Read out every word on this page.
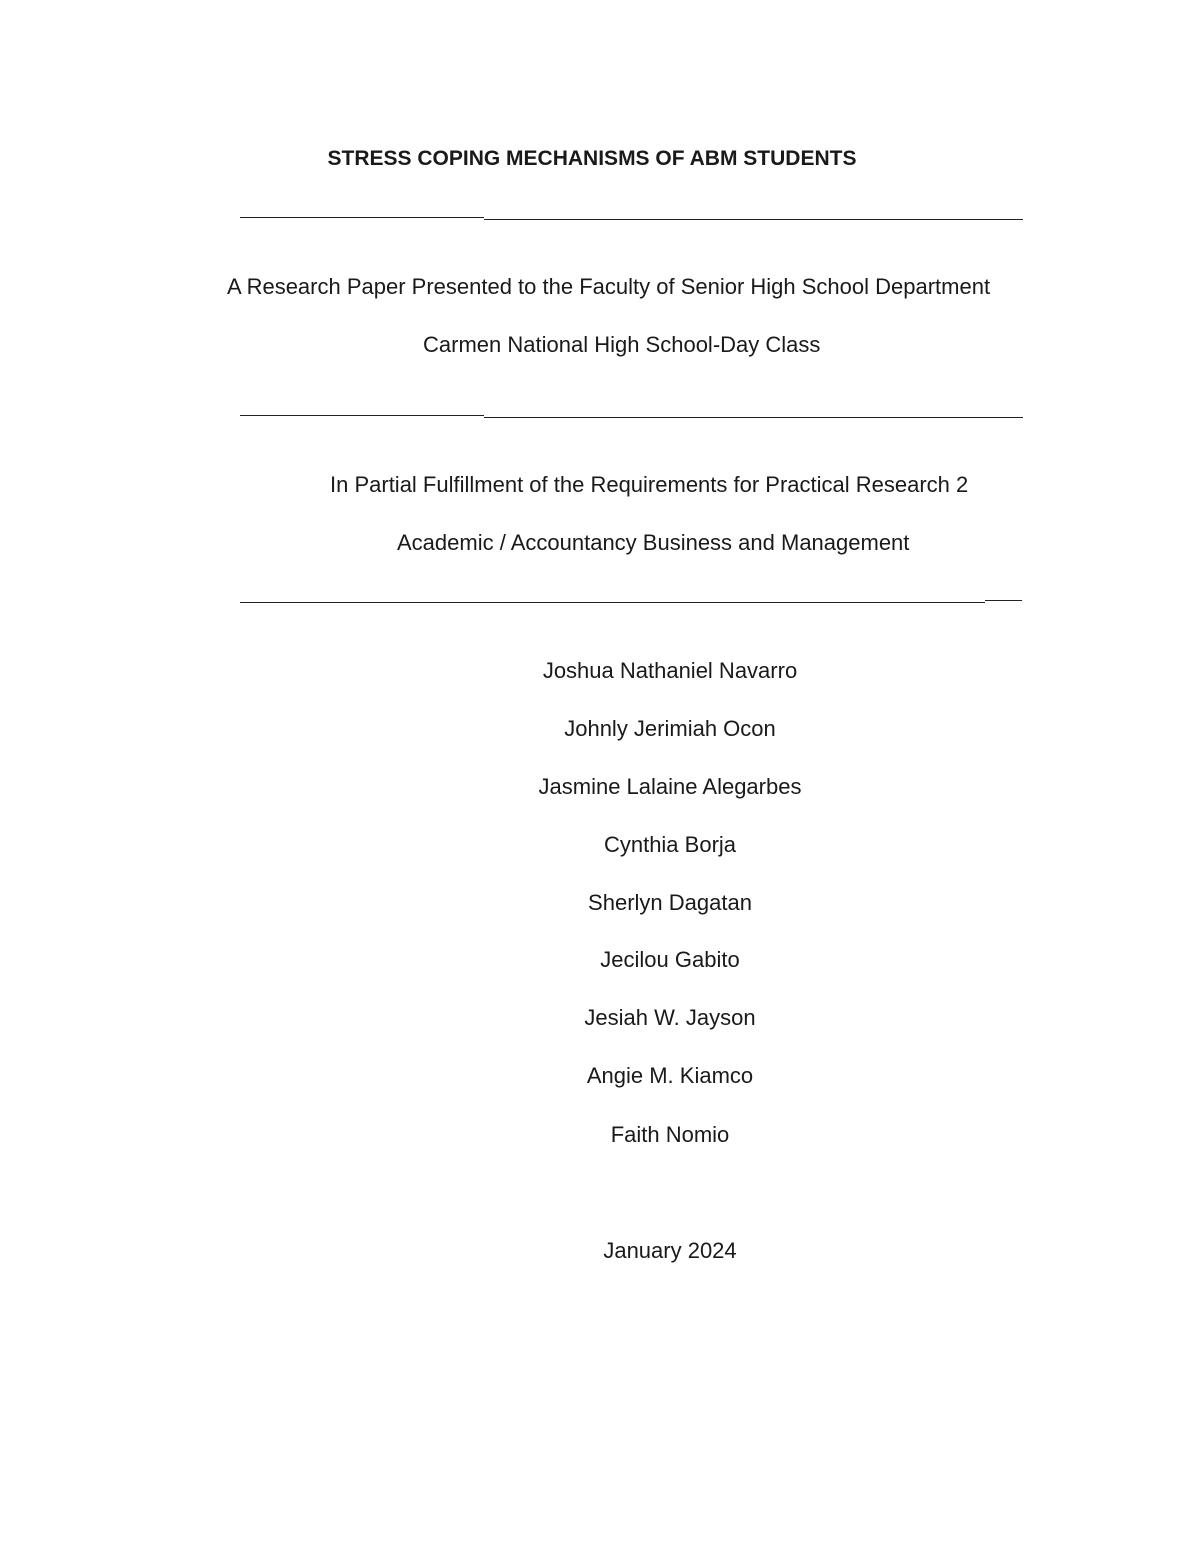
STRESS COPING MECHANISMS OF ABM STUDENTS
A Research Paper Presented to the Faculty of Senior High School Department
Carmen National High School-Day Class
In Partial Fulfillment of the Requirements for Practical Research 2
Academic / Accountancy Business and Management
Joshua Nathaniel Navarro
Johnly Jerimiah Ocon
Jasmine Lalaine Alegarbes
Cynthia Borja
Sherlyn Dagatan
Jecilou Gabito
Jesiah W. Jayson
Angie M. Kiamco
Faith Nomio
January 2024
